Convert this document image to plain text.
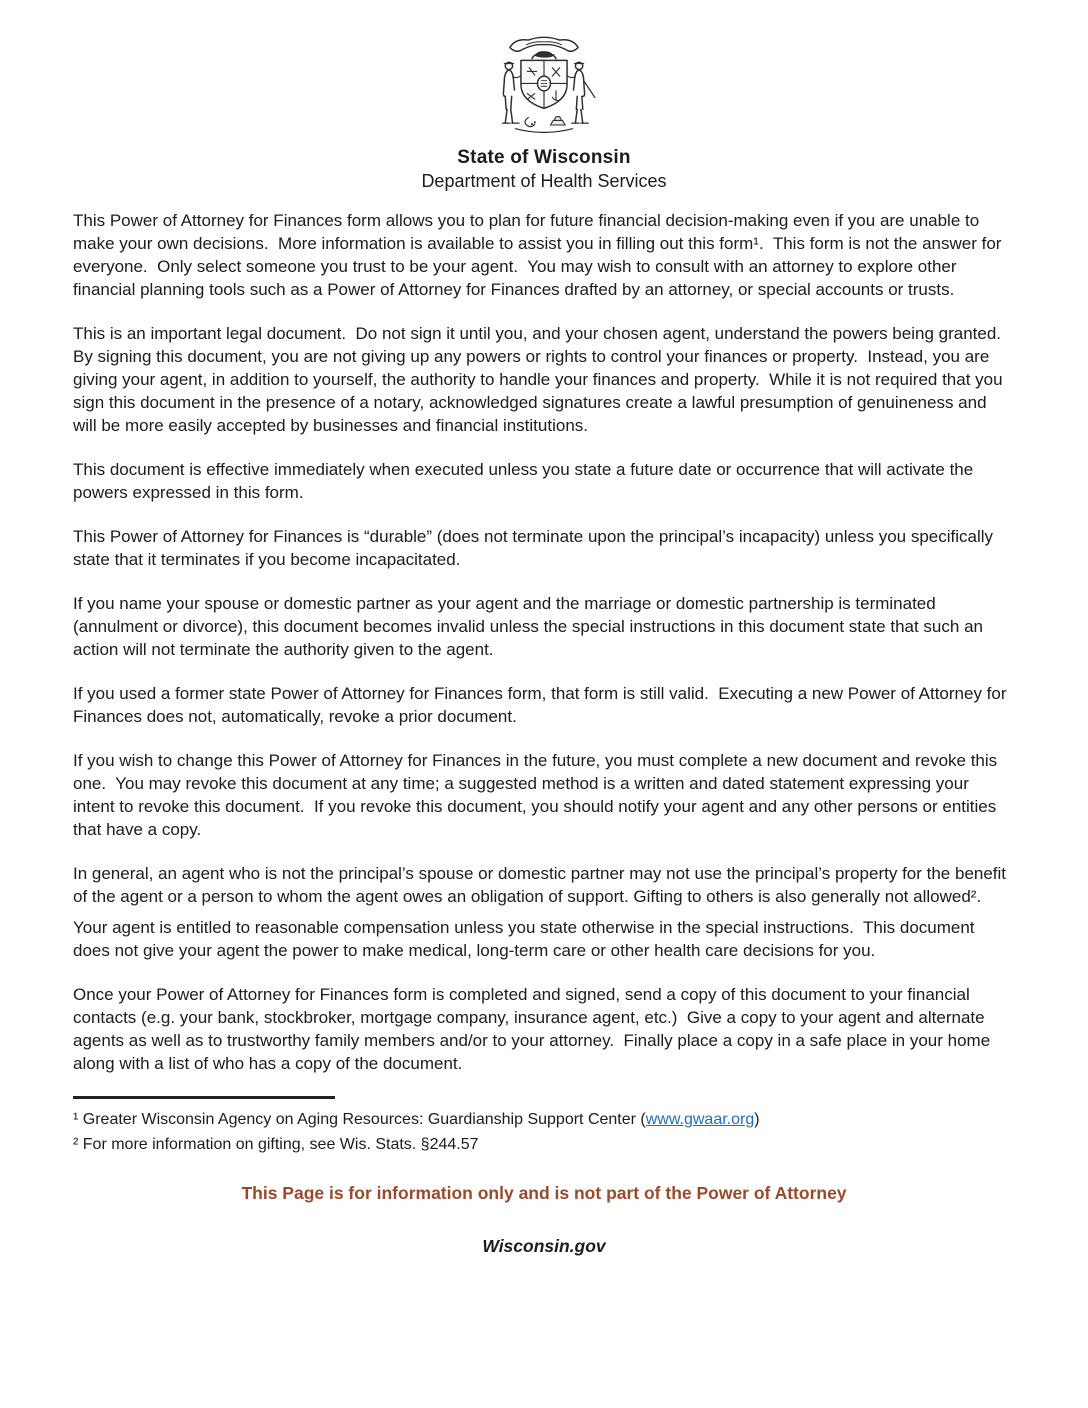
State of Wisconsin
Department of Health Services

This Power of Attorney for Finances form allows you to plan for future financial decision-making even if you are unable to make your own decisions.  More information is available to assist you in filling out this form¹.  This form is not the answer for everyone.  Only select someone you trust to be your agent.  You may wish to consult with an attorney to explore other financial planning tools such as a Power of Attorney for Finances drafted by an attorney, or special accounts or trusts.

This is an important legal document.  Do not sign it until you, and your chosen agent, understand the powers being granted.  By signing this document, you are not giving up any powers or rights to control your finances or property.  Instead, you are giving your agent, in addition to yourself, the authority to handle your finances and property.  While it is not required that you sign this document in the presence of a notary, acknowledged signatures create a lawful presumption of genuineness and will be more easily accepted by businesses and financial institutions.

This document is effective immediately when executed unless you state a future date or occurrence that will activate the powers expressed in this form.

This Power of Attorney for Finances is “durable” (does not terminate upon the principal’s incapacity) unless you specifically state that it terminates if you become incapacitated.

If you name your spouse or domestic partner as your agent and the marriage or domestic partnership is terminated (annulment or divorce), this document becomes invalid unless the special instructions in this document state that such an action will not terminate the authority given to the agent.

If you used a former state Power of Attorney for Finances form, that form is still valid.  Executing a new Power of Attorney for Finances does not, automatically, revoke a prior document.

If you wish to change this Power of Attorney for Finances in the future, you must complete a new document and revoke this one.  You may revoke this document at any time; a suggested method is a written and dated statement expressing your intent to revoke this document.  If you revoke this document, you should notify your agent and any other persons or entities that have a copy.

In general, an agent who is not the principal’s spouse or domestic partner may not use the principal’s property for the benefit of the agent or a person to whom the agent owes an obligation of support. Gifting to others is also generally not allowed².

Your agent is entitled to reasonable compensation unless you state otherwise in the special instructions.  This document does not give your agent the power to make medical, long-term care or other health care decisions for you.

Once your Power of Attorney for Finances form is completed and signed, send a copy of this document to your financial contacts (e.g. your bank, stockbroker, mortgage company, insurance agent, etc.)  Give a copy to your agent and alternate agents as well as to trustworthy family members and/or to your attorney.  Finally place a copy in a safe place in your home along with a list of who has a copy of the document.

¹ Greater Wisconsin Agency on Aging Resources: Guardianship Support Center (www.gwaar.org)

² For more information on gifting, see Wis. Stats. §244.57

This Page is for information only and is not part of the Power of Attorney
Wisconsin.gov
